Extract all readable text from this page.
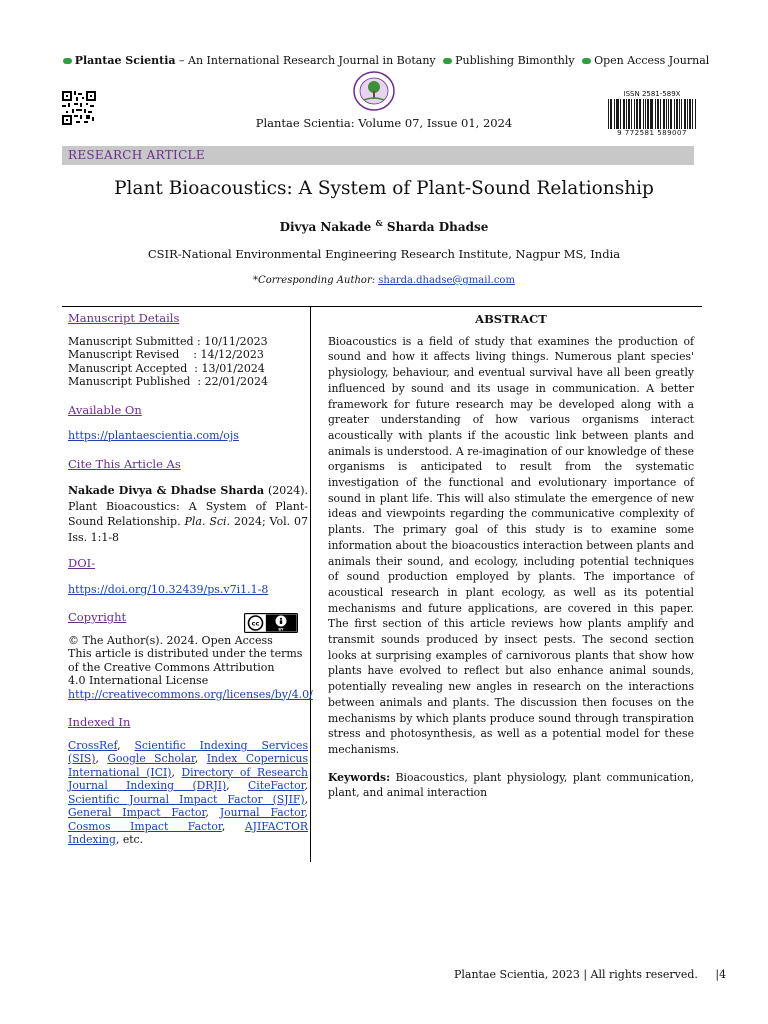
Plantae Scientia – An International Research Journal in Botany Publishing Bimonthly Open Access Journal
Plantae Scientia: Volume 07, Issue 01, 2024
ISSN 2581-589X
9 772581 589007
RESEARCH ARTICLE
Plant Bioacoustics: A System of Plant-Sound Relationship
Divya Nakade & Sharda Dhadse
CSIR-National Environmental Engineering Research Institute, Nagpur MS, India
*Corresponding Author: sharda.dhadse@gmail.com

Manuscript Details

Manuscript Submitted : 10/11/2023
Manuscript Revised    : 14/12/2023
Manuscript Accepted  : 13/01/2024
Manuscript Published  : 22/01/2024

Available On

https://plantaescientia.com/ojs

Cite This Article As

Nakade Divya & Dhadse Sharda (2024). Plant Bioacoustics: A System of Plant-Sound Relationship. Pla. Sci. 2024; Vol. 07 Iss. 1:1-8

DOI-

https://doi.org/10.32439/ps.v7i1.1-8

Copyright

© The Author(s). 2024. Open Access
This article is distributed under the terms
of the Creative Commons Attribution
4.0 International License
http://creativecommons.org/licenses/by/4.0/

Indexed In

CrossRef, Scientific Indexing Services (SIS), Google Scholar, Index Copernicus International (ICI), Directory of Research Journal Indexing (DRJI), CiteFactor, Scientific Journal Impact Factor (SJIF), General Impact Factor, Journal Factor, Cosmos Impact Factor, AJIFACTOR Indexing, etc.

cc
BY

ABSTRACT

Bioacoustics is a field of study that examines the production of sound and how it affects living things. Numerous plant species' physiology, behaviour, and eventual survival have all been greatly influenced by sound and its usage in communication. A better framework for future research may be developed along with a greater understanding of how various organisms interact acoustically with plants if the acoustic link between plants and animals is understood. A re-imagination of our knowledge of these organisms is anticipated to result from the systematic investigation of the functional and evolutionary importance of sound in plant life. This will also stimulate the emergence of new ideas and viewpoints regarding the communicative complexity of plants. The primary goal of this study is to examine some information about the bioacoustics interaction between plants and animals their sound, and ecology, including potential techniques of sound production employed by plants. The importance of acoustical research in plant ecology, as well as its potential mechanisms and future applications, are covered in this paper. The first section of this article reviews how plants amplify and transmit sounds produced by insect pests. The second section looks at surprising examples of carnivorous plants that show how plants have evolved to reflect but also enhance animal sounds, potentially revealing new angles in research on the interactions between animals and plants. The discussion then focuses on the mechanisms by which plants produce sound through transpiration stress and photosynthesis, as well as a potential model for these mechanisms.

Keywords: Bioacoustics, plant physiology, plant communication, plant, and animal interaction

Plantae Scientia, 2023 | All rights reserved. |4
